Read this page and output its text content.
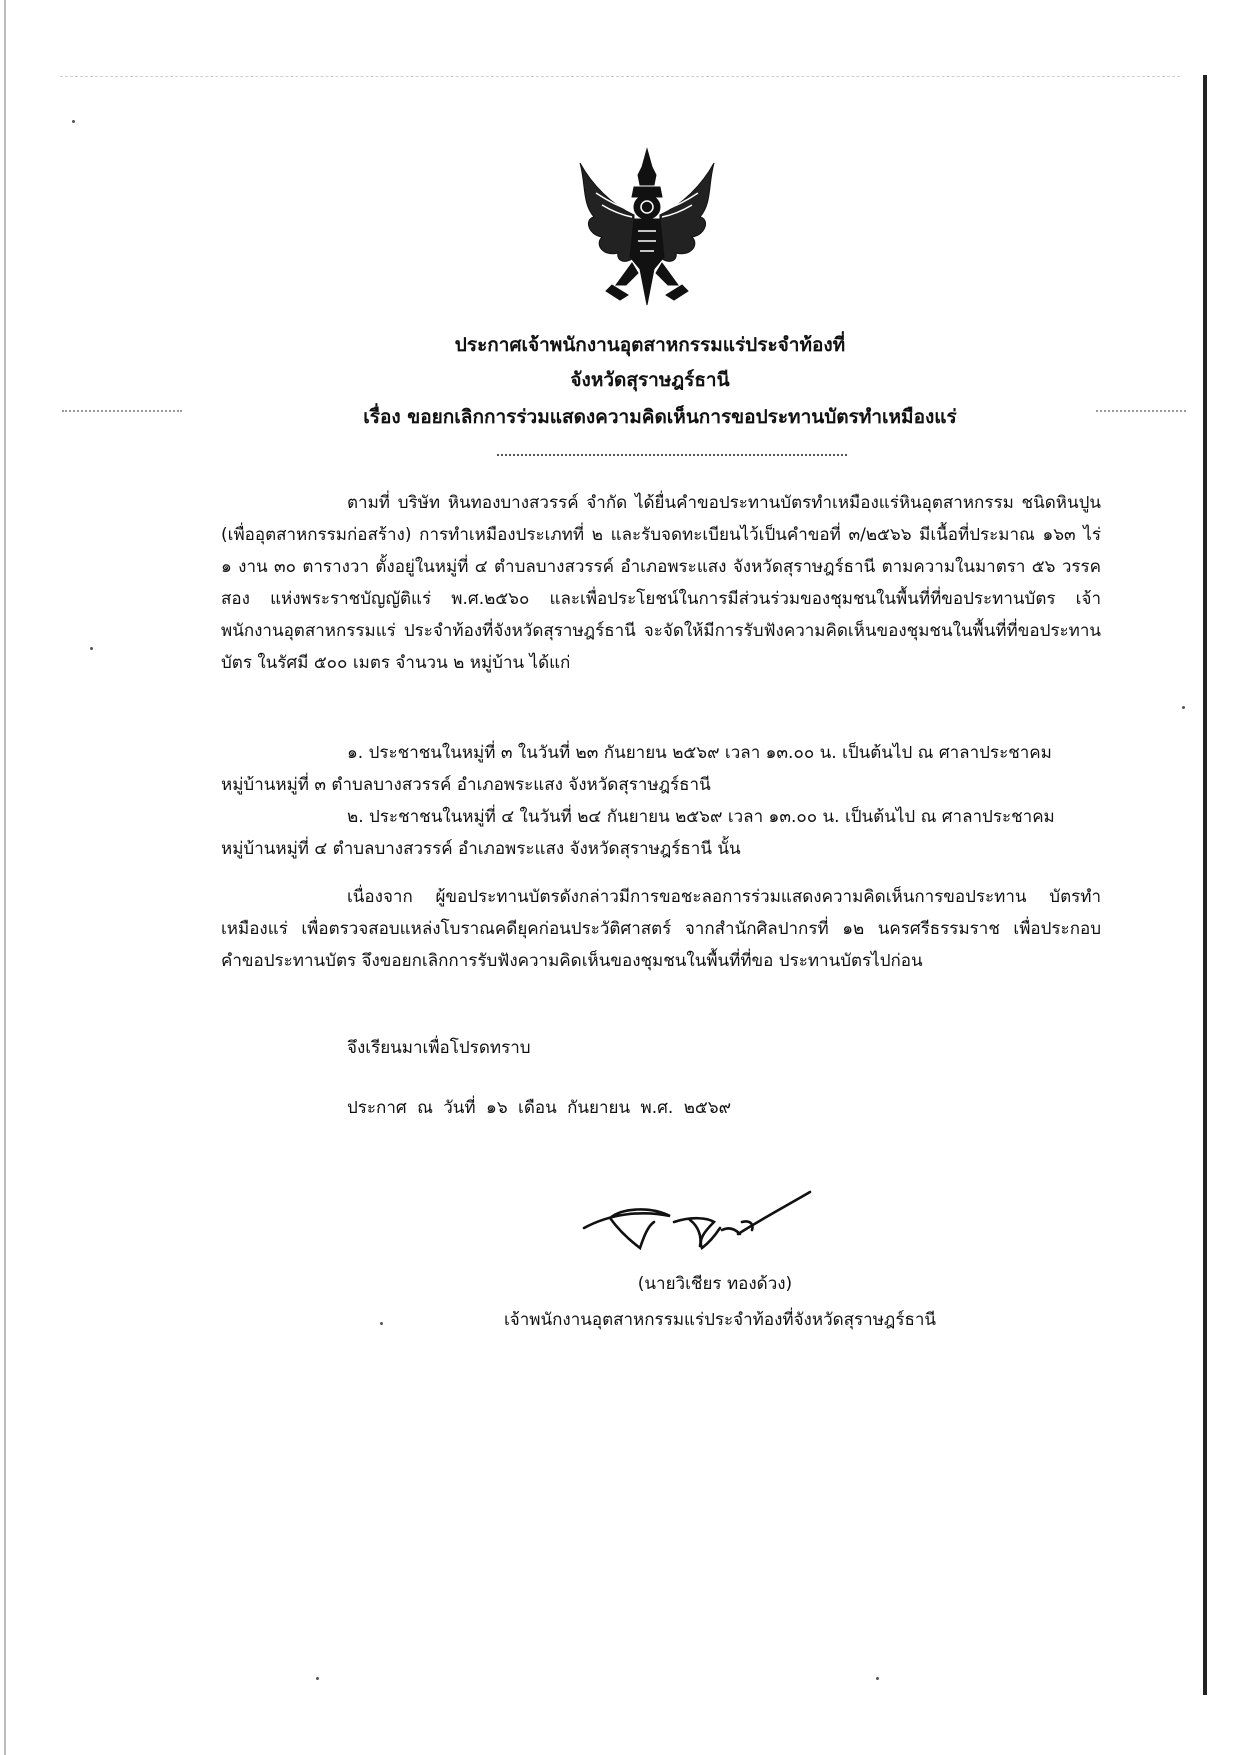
ประกาศเจ้าพนักงานอุตสาหกรรมแร่ประจำท้องที่
จังหวัดสุราษฎร์ธานี
เรื่อง ขอยกเลิกการร่วมแสดงความคิดเห็นการขอประทานบัตรทำเหมืองแร่

ตามที่ บริษัท หินทองบางสวรรค์ จำกัด ได้ยื่นคำขอประทานบัตรทำเหมืองแร่หินอุตสาหกรรม ชนิดหินปูน (เพื่ออุตสาหกรรมก่อสร้าง) การทำเหมืองประเภทที่ ๒ และรับจดทะเบียนไว้เป็นคำขอที่ ๓/๒๕๖๖ มีเนื้อที่ประมาณ ๑๖๓ ไร่ ๑ งาน ๓๐ ตารางวา ตั้งอยู่ในหมู่ที่ ๔ ตำบลบางสวรรค์ อำเภอพระแสง จังหวัดสุราษฎร์ธานี ตามความในมาตรา ๕๖ วรรคสอง แห่งพระราชบัญญัติแร่ พ.ศ.๒๕๖๐ และเพื่อประโยชน์ในการมีส่วนร่วมของชุมชนในพื้นที่ที่ขอประทานบัตร เจ้าพนักงานอุตสาหกรรมแร่ ประจำท้องที่จังหวัดสุราษฎร์ธานี จะจัดให้มีการรับฟังความคิดเห็นของชุมชนในพื้นที่ที่ขอประทานบัตร ในรัศมี ๕๐๐ เมตร จำนวน ๒ หมู่บ้าน ได้แก่

๑. ประชาชนในหมู่ที่ ๓ ในวันที่ ๒๓ กันยายน ๒๕๖๙ เวลา ๑๓.๐๐ น. เป็นต้นไป ณ ศาลาประชาคมหมู่บ้านหมู่ที่ ๓ ตำบลบางสวรรค์ อำเภอพระแสง จังหวัดสุราษฎร์ธานี

๒. ประชาชนในหมู่ที่ ๔ ในวันที่ ๒๔ กันยายน ๒๕๖๙ เวลา ๑๓.๐๐ น. เป็นต้นไป ณ ศาลาประชาคมหมู่บ้านหมู่ที่ ๔ ตำบลบางสวรรค์ อำเภอพระแสง จังหวัดสุราษฎร์ธานี นั้น

เนื่องจาก ผู้ขอประทานบัตรดังกล่าวมีการขอชะลอการร่วมแสดงความคิดเห็นการขอประทาน บัตรทำเหมืองแร่ เพื่อตรวจสอบแหล่งโบราณคดียุคก่อนประวัติศาสตร์ จากสำนักศิลปากรที่ ๑๒ นครศรีธรรมราช เพื่อประกอบคำขอประทานบัตร จึงขอยกเลิกการรับฟังความคิดเห็นของชุมชนในพื้นที่ที่ขอ ประทานบัตรไปก่อน

จึงเรียนมาเพื่อโปรดทราบ
ประกาศ ณ วันที่ ๑๖ เดือน กันยายน พ.ศ. ๒๕๖๙
(นายวิเชียร ทองด้วง)
เจ้าพนักงานอุตสาหกรรมแร่ประจำท้องที่จังหวัดสุราษฎร์ธานี
